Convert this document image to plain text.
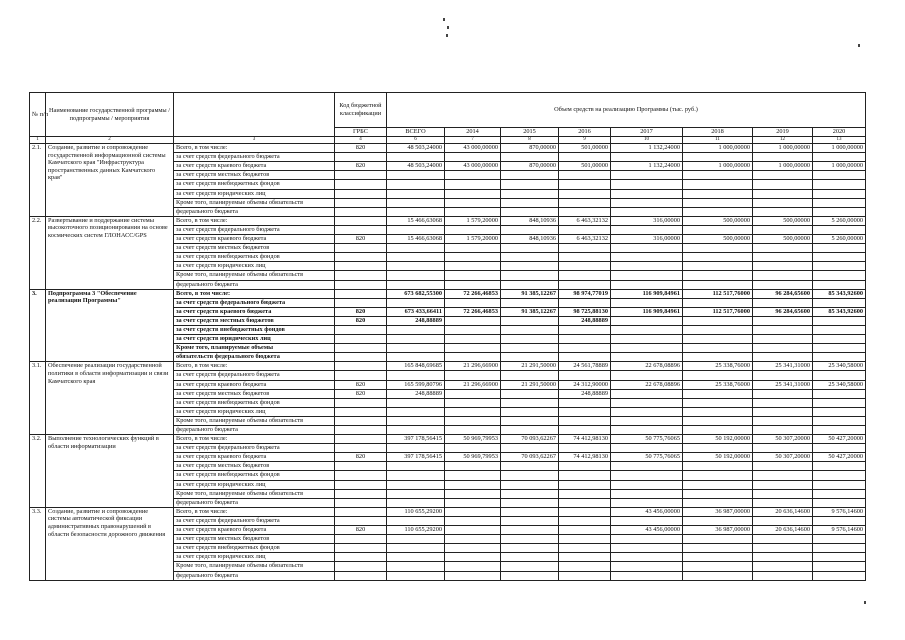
№ п/п	Наименование государственной программы / подпрограммы / мероприятия		Код бюджетной классификации	Объем средств на реализацию Программы (тыс. руб.)							
			ГРБС	ВСЕГО	2014	2015	2016	2017	2018	2019	2020
1	2	3	4	6	7	8	9	10	11	12	13
2.1.	Создание, развитие и сопровождение государственной информационной системы Камчатского края "Инфраструктура пространственных данных Камчатского края"	Всего, в том числе:	820	48 503,24000	43 000,00000	870,00000	501,00000	1 132,24000	1 000,00000	1 000,00000	1 000,00000
		за счет средств федерального бюджета									
		за счет средств краевого бюджета	820	48 503,24000	43 000,00000	870,00000	501,00000	1 132,24000	1 000,00000	1 000,00000	1 000,00000
		за счет средств местных бюджетов									
		за счет средств внебюджетных фондов									
		за счет средств юридических лиц									
		Кроме того, планируемые объемы обязательств									
		федерального бюджета									
2.2.	Развертывание и поддержание системы высокоточного позиционирования на основе космических систем ГЛОНАСС/GPS	Всего, в том числе:		15 466,63068	1 579,20000	848,10936	6 463,32132	316,00000	500,00000	500,00000	5 260,00000
		за счет средств федерального бюджета									
		за счет средств краевого бюджета	820	15 466,63068	1 579,20000	848,10936	6 463,32132	316,00000	500,00000	500,00000	5 260,00000
		за счет средств местных бюджетов									
		за счет средств внебюджетных фондов									
		за счет средств юридических лиц									
		Кроме того, планируемые объемы обязательств									
		федерального бюджета									
3.	Подпрограмма 3 "Обеспечение реализации Программы"	Всего, в том числе:		673 682,55300	72 266,46853	91 385,12267	98 974,77019	116 909,84961	112 517,76000	96 284,65600	85 343,92600
		за счет средств федерального бюджета									
		за счет средств краевого бюджета	820	673 433,66411	72 266,46853	91 385,12267	98 725,88130	116 909,84961	112 517,76000	96 284,65600	85 343,92600
		за счет средств местных бюджетов	820	248,88889			248,88889				
		за счет средств внебюджетных фондов									
		за счет средств юридических лиц									
		Кроме того, планируемые объемы									
		обязательств федерального бюджета									
3.1.	Обеспечение реализации государственной политики в области информатизации и связи Камчатского края	Всего, в том числе:		165 848,69685	21 296,66900	21 291,50000	24 561,78889	22 678,08896	25 338,76000	25 341,31000	25 340,58000
		за счет средств федерального бюджета									
		за счет средств краевого бюджета	820	165 599,80796	21 296,66900	21 291,50000	24 312,90000	22 678,08896	25 338,76000	25 341,31000	25 340,58000
		за счет средств местных бюджетов	820	248,88889			248,88889				
		за счет средств внебюджетных фондов									
		за счет средств юридических лиц									
		Кроме того, планируемые объемы обязательств									
		федерального бюджета									
3.2.	Выполнение технологических функций в области информатизации	Всего, в том числе:		397 178,56415	50 969,79953	70 093,62267	74 412,98130	50 775,76065	50 192,00000	50 307,20000	50 427,20000
		за счет средств федерального бюджета									
		за счет средств краевого бюджета	820	397 178,56415	50 969,79953	70 093,62267	74 412,98130	50 775,76065	50 192,00000	50 307,20000	50 427,20000
		за счет средств местных бюджетов									
		за счет средств внебюджетных фондов									
		за счет средств юридических лиц									
		Кроме того, планируемые объемы обязательств									
		федерального бюджета									
3.3.	Создание, развитие и сопровождение системы автоматической фиксации административных правонарушений в области безопасности дорожного движения	Всего, в том числе:		110 655,29200				43 456,00000	36 987,00000	20 636,14600	9 576,14600
		за счет средств федерального бюджета									
		за счет средств краевого бюджета	820	110 655,29200				43 456,00000	36 987,00000	20 636,14600	9 576,14600
		за счет средств местных бюджетов									
		за счет средств внебюджетных фондов									
		за счет средств юридических лиц									
		Кроме того, планируемые объемы обязательств									
		федерального бюджета									
